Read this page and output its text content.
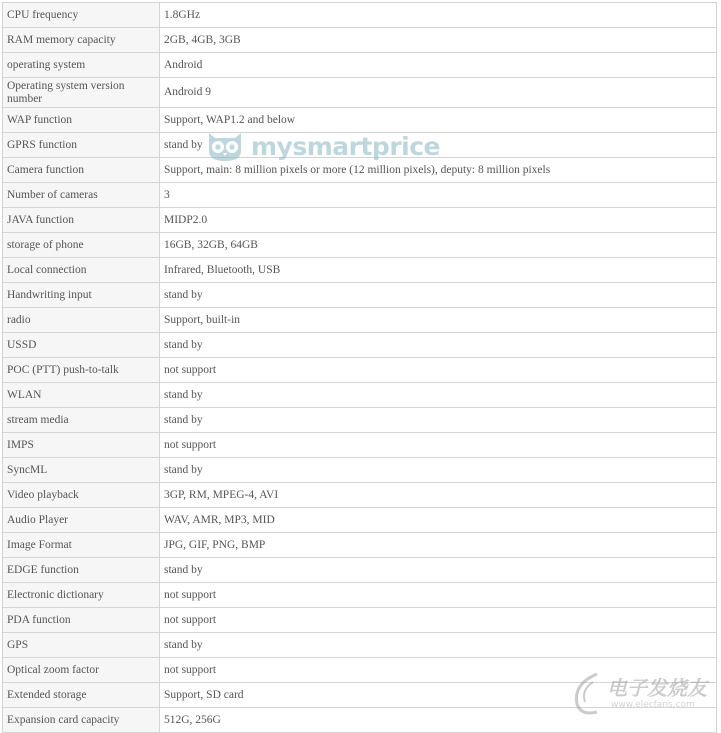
CPU frequency	1.8GHz
RAM memory capacity	2GB, 4GB, 3GB
operating system	Android
Operating system version number	Android 9
WAP function	Support, WAP1.2 and below
GPRS function	stand by
Camera function	Support, main: 8 million pixels or more (12 million pixels), deputy: 8 million pixels
Number of cameras	3
JAVA function	MIDP2.0
storage of phone	16GB, 32GB, 64GB
Local connection	Infrared, Bluetooth, USB
Handwriting input	stand by
radio	Support, built-in
USSD	stand by
POC (PTT) push-to-talk	not support
WLAN	stand by
stream media	stand by
IMPS	not support
SyncML	stand by
Video playback	3GP, RM, MPEG-4, AVI
Audio Player	WAV, AMR, MP3, MID
Image Format	JPG, GIF, PNG, BMP
EDGE function	stand by
Electronic dictionary	not support
PDA function	not support
GPS	stand by
Optical zoom factor	not support
Extended storage	Support, SD card
Expansion card capacity	512G, 256G
mysmartprice
电子发烧友
www.elecfans.com
